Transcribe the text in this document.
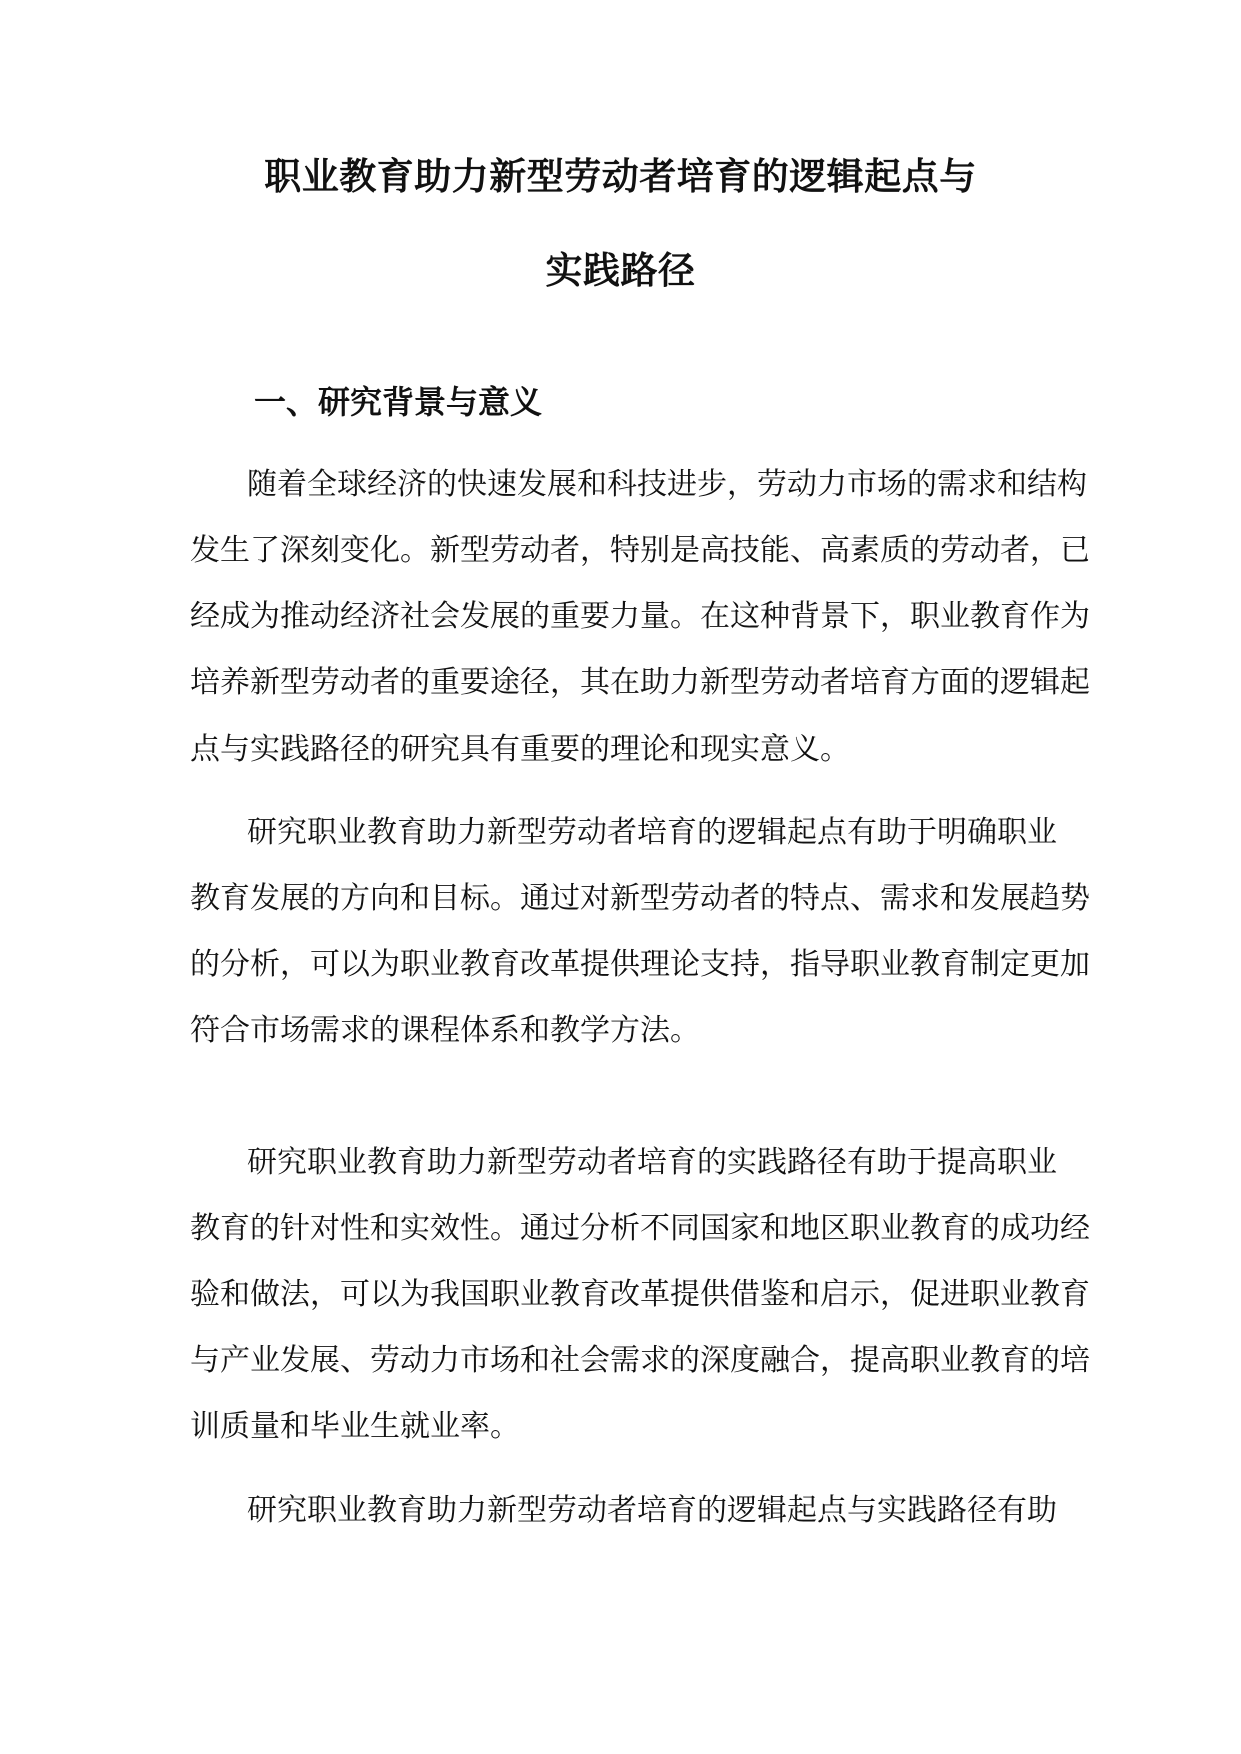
职业教育助力新型劳动者培育的逻辑起点与
实践路径
一、研究背景与意义
随着全球经济的快速发展和科技进步，劳动力市场的需求和结构
发生了深刻变化。新型劳动者，特别是高技能、高素质的劳动者，已
经成为推动经济社会发展的重要力量。在这种背景下，职业教育作为
培养新型劳动者的重要途径，其在助力新型劳动者培育方面的逻辑起
点与实践路径的研究具有重要的理论和现实意义。
研究职业教育助力新型劳动者培育的逻辑起点有助于明确职业
教育发展的方向和目标。通过对新型劳动者的特点、需求和发展趋势
的分析，可以为职业教育改革提供理论支持，指导职业教育制定更加
符合市场需求的课程体系和教学方法。
研究职业教育助力新型劳动者培育的实践路径有助于提高职业
教育的针对性和实效性。通过分析不同国家和地区职业教育的成功经
验和做法，可以为我国职业教育改革提供借鉴和启示，促进职业教育
与产业发展、劳动力市场和社会需求的深度融合，提高职业教育的培
训质量和毕业生就业率。
研究职业教育助力新型劳动者培育的逻辑起点与实践路径有助
